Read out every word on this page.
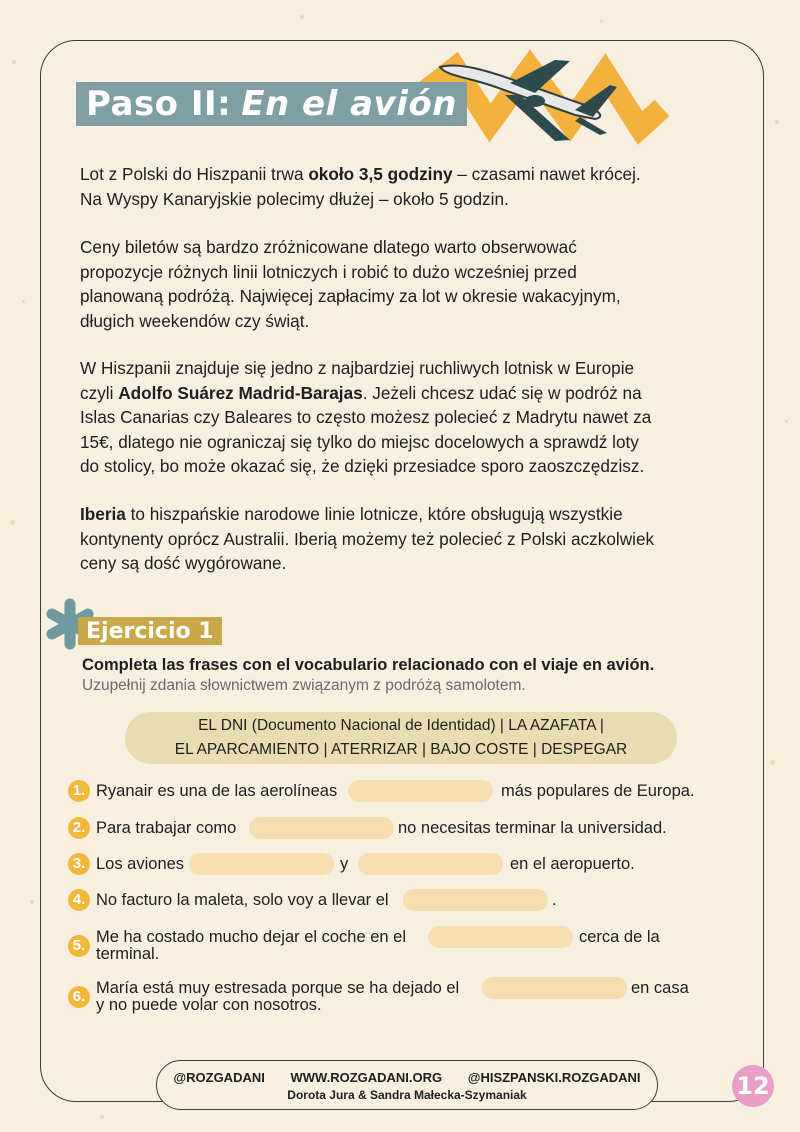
Paso II: En el avión
Lot z Polski do Hiszpanii trwa około 3,5 godziny – czasami nawet krócej.
Na Wyspy Kanaryjskie polecimy dłużej – około 5 godzin.
Ceny biletów są bardzo zróżnicowane dlatego warto obserwować
propozycje różnych linii lotniczych i robić to dużo wcześniej przed
planowaną podróżą. Najwięcej zapłacimy za lot w okresie wakacyjnym,
długich weekendów czy świąt.
W Hiszpanii znajduje się jedno z najbardziej ruchliwych lotnisk w Europie
czyli Adolfo Suárez Madrid-Barajas. Jeżeli chcesz udać się w podróż na
Islas Canarias czy Baleares to często możesz polecieć z Madrytu nawet za
15€, dlatego nie ograniczaj się tylko do miejsc docelowych a sprawdź loty
do stolicy, bo może okazać się, że dzięki przesiadce sporo zaoszczędzisz.
Iberia to hiszpańskie narodowe linie lotnicze, które obsługują wszystkie
kontynenty oprócz Australii. Iberią możemy też polecieć z Polski aczkolwiek
ceny są dość wygórowane.
Ejercicio 1
Completa las frases con el vocabulario relacionado con el viaje en avión.
Uzupełnij zdania słownictwem związanym z podróżą samolotem.
EL DNI (Documento Nacional de Identidad) | LA AZAFATA |
EL APARCAMIENTO | ATERRIZAR | BAJO COSTE | DESPEGAR
1. Ryanair es una de las aerolíneas	más populares de Europa.
2. Para trabajar como	no necesitas terminar la universidad.
3. Los aviones	y	en el aeropuerto.
4. No facturo la maleta, solo voy a llevar el	.
5. Me ha costado mucho dejar el coche en el	cerca de la
terminal.
6. María está muy estresada porque se ha dejado el	en casa
y no puede volar con nosotros.
@ROZGADANI WWW.ROZGADANI.ORG @HISZPANSKI.ROZGADANI
Dorota Jura & Sandra Małecka-Szymaniak	12
